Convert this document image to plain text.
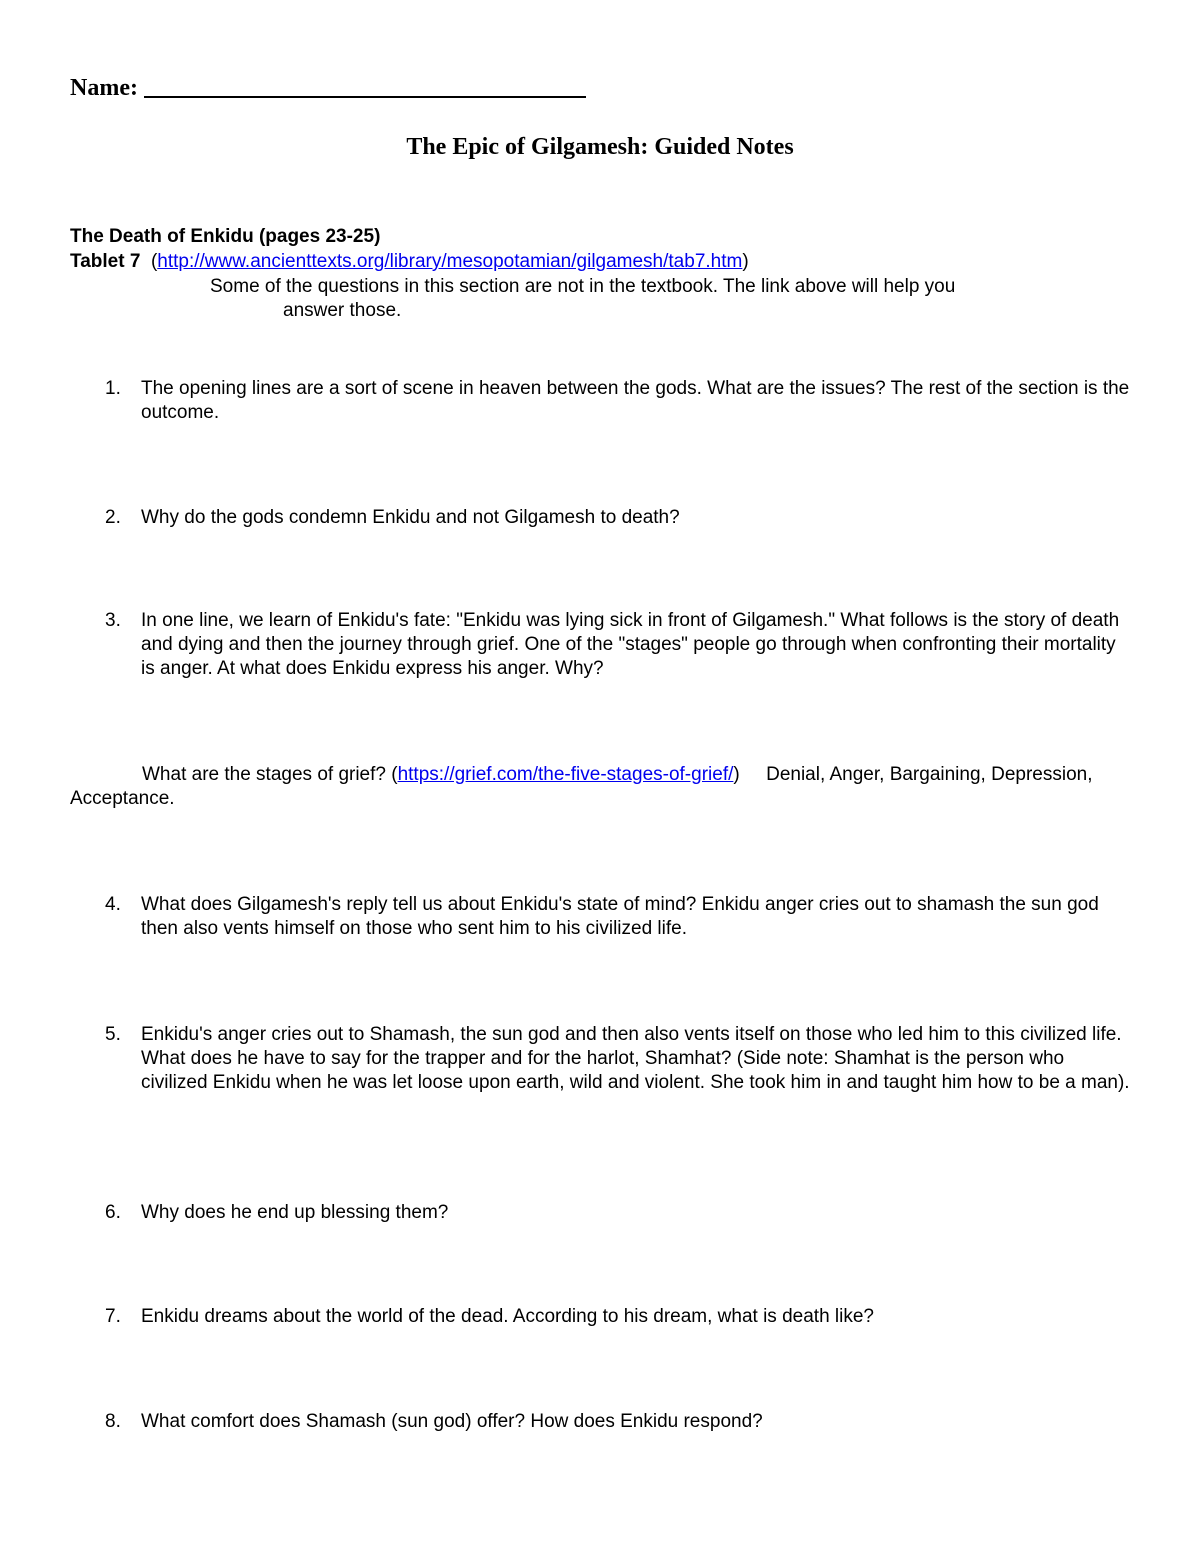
Name:
The Epic of Gilgamesh: Guided Notes
The Death of Enkidu (pages 23-25)
Tablet 7 (http://www.ancienttexts.org/library/mesopotamian/gilgamesh/tab7.htm)
Some of the questions in this section are not in the textbook. The link above will help you
answer those.
1. The opening lines are a sort of scene in heaven between the gods. What are the issues? The rest of the section is the outcome.
2. Why do the gods condemn Enkidu and not Gilgamesh to death?
3. In one line, we learn of Enkidu's fate: "Enkidu was lying sick in front of Gilgamesh." What follows is the story of death and dying and then the journey through grief. One of the "stages" people go through when confronting their mortality is anger. At what does Enkidu express his anger. Why?
What are the stages of grief? (https://grief.com/the-five-stages-of-grief/) Denial, Anger, Bargaining, Depression, Acceptance.
4. What does Gilgamesh's reply tell us about Enkidu's state of mind? Enkidu anger cries out to shamash the sun god then also vents himself on those who sent him to his civilized life.
5. Enkidu's anger cries out to Shamash, the sun god and then also vents itself on those who led him to this civilized life. What does he have to say for the trapper and for the harlot, Shamhat? (Side note: Shamhat is the person who civilized Enkidu when he was let loose upon earth, wild and violent. She took him in and taught him how to be a man).
6. Why does he end up blessing them?
7. Enkidu dreams about the world of the dead. According to his dream, what is death like?
8. What comfort does Shamash (sun god) offer? How does Enkidu respond?
